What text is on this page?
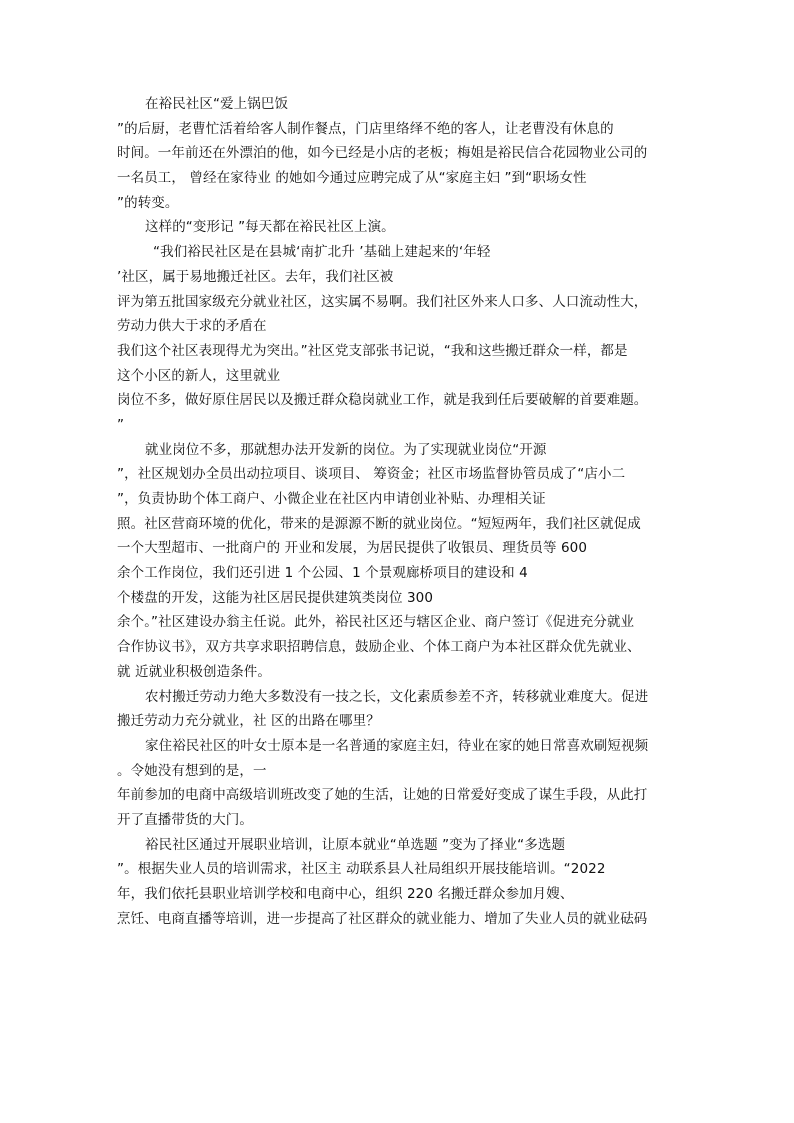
在裕民社区“爱上锅巴饭
”的后厨，老曹忙活着给客人制作餐点，门店里络绎不绝的客人，让老曹没有休息的
时间。一年前还在外漂泊的他，如今已经是小店的老板；梅姐是裕民信合花园物业公司的
一名员工， 曾经在家待业 的她如今通过应聘完成了从“家庭主妇 ”到“职场女性
”的转变。
这样的“变形记 ”每天都在裕民社区上演。
“我们裕民社区是在县城‘南扩北升 ’基础上建起来的‘年轻
’社区，属于易地搬迁社区。去年，我们社区被
评为第五批国家级充分就业社区，这实属不易啊。我们社区外来人口多、人口流动性大，
劳动力供大于求的矛盾在
我们这个社区表现得尤为突出。”社区党支部张书记说，“我和这些搬迁群众一样，都是
这个小区的新人，这里就业
岗位不多，做好原住居民以及搬迁群众稳岗就业工作，就是我到任后要破解的首要难题。
”
就业岗位不多，那就想办法开发新的岗位。为了实现就业岗位“开源
”，社区规划办全员出动拉项目、谈项目、 筹资金；社区市场监督协管员成了“店小二
”，负责协助个体工商户、小微企业在社区内申请创业补贴、办理相关证
照。社区营商环境的优化，带来的是源源不断的就业岗位。“短短两年，我们社区就促成
一个大型超市、一批商户的 开业和发展，为居民提供了收银员、理货员等 600
余个工作岗位，我们还引进 1 个公园、1 个景观廊桥项目的建设和 4
个楼盘的开发，这能为社区居民提供建筑类岗位 300
余个。”社区建设办翁主任说。此外，裕民社区还与辖区企业、商户签订《促进充分就业
合作协议书》，双方共享求职招聘信息，鼓励企业、个体工商户为本社区群众优先就业、
就 近就业积极创造条件。
农村搬迁劳动力绝大多数没有一技之长，文化素质参差不齐，转移就业难度大。促进
搬迁劳动力充分就业，社 区的出路在哪里？
家住裕民社区的叶女士原本是一名普通的家庭主妇，待业在家的她日常喜欢刷短视频
。令她没有想到的是，一
年前参加的电商中高级培训班改变了她的生活，让她的日常爱好变成了谋生手段，从此打
开了直播带货的大门。
裕民社区通过开展职业培训，让原本就业“单选题 ”变为了择业“多选题
”。根据失业人员的培训需求，社区主 动联系县人社局组织开展技能培训。“2022
年，我们依托县职业培训学校和电商中心，组织 220 名搬迁群众参加月嫂、
烹饪、电商直播等培训，进一步提高了社区群众的就业能力、增加了失业人员的就业砝码
